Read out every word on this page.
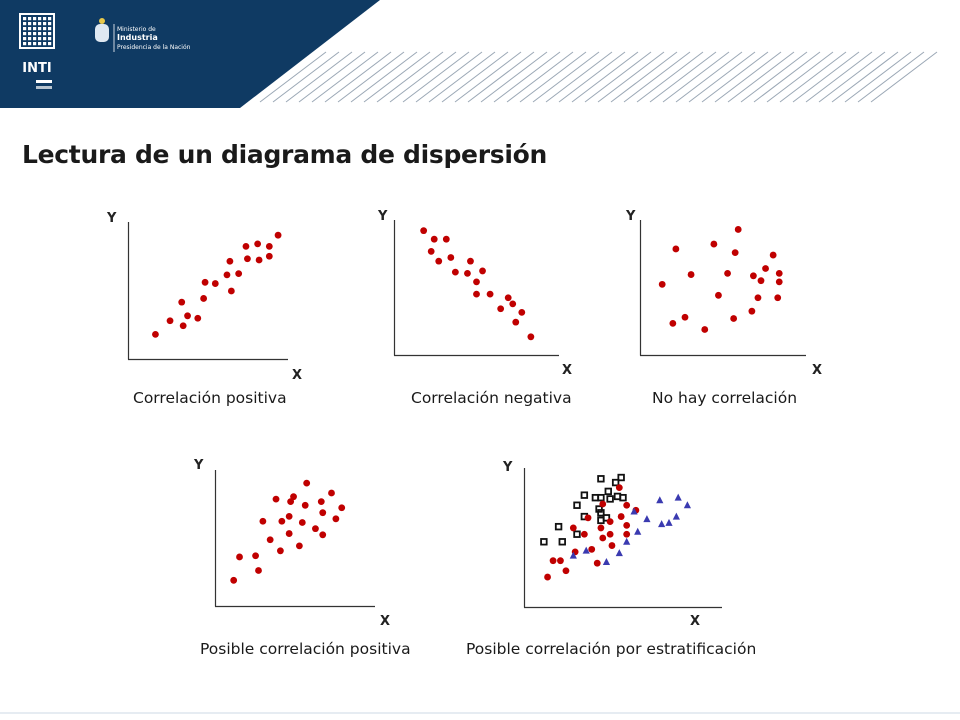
INTI
Ministerio de
Industria
Presidencia de la Nación
Lectura de un diagrama de dispersión
Y
X
Correlación positiva
Y
X
Correlación negativa
Y
X
No hay correlación
Y
X
Posible correlación positiva
Y
X
Posible correlación por estratificación
